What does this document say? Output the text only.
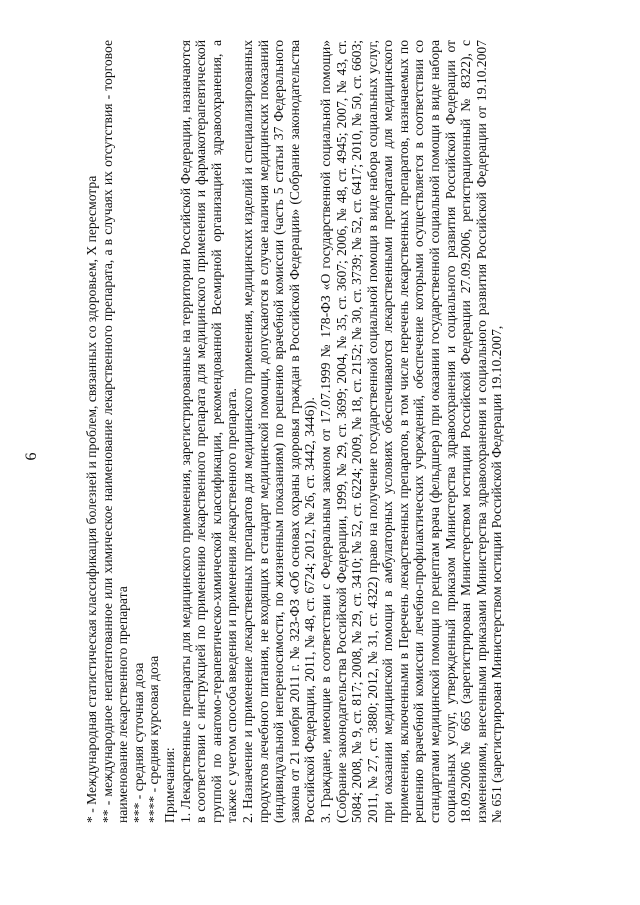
6	* - Международная статистическая классификация болезней и проблем, связанных со здоровьем, X пересмотра ** - международное непатентованное или химическое наименование лекарственного препарата, а в случаях их отсутствия - торговое наименование лекарственного препарата *** - средняя суточная доза **** - средняя курсовая доза Примечания: 1. Лекарственные препараты для медицинского применения, зарегистрированные на территории Российской Федерации, назначаются в соответствии с инструкцией по применению лекарственного препарата для медицинского применения и фармакотерапевтической группой по анатомо-терапевтическо-химической классификации, рекомендованной Всемирной организацией здравоохранения, а также с учетом способа введения и применения лекарственного препарата. 2. Назначение и применение лекарственных препаратов для медицинского применения, медицинских изделий и специализированных продуктов лечебного питания, не входящих в стандарт медицинской помощи, допускаются в случае наличия медицинских показаний (индивидуальной непереносимости, по жизненным показаниям) по решению врачебной комиссии (часть 5 статьи 37 Федерального закона от 21 ноября 2011 г. № 323-ФЗ «Об основах охраны здоровья граждан в Российской Федерации» (Собрание законодательства Российской Федерации, 2011, № 48, ст. 6724; 2012, № 26, ст. 3442, 3446)). 3. Граждане, имеющие в соответствии с Федеральным законом от 17.07.1999 № 178-ФЗ «О государственной социальной помощи» (Собрание законодательства Российской Федерации, 1999, № 29, ст. 3699; 2004, № 35, ст. 3607; 2006, № 48, ст. 4945; 2007, № 43, ст. 5084; 2008, № 9, ст. 817; 2008, № 29, ст. 3410; № 52, ст. 6224; 2009, № 18, ст. 2152; № 30, ст. 3739; № 52, ст. 6417; 2010, № 50, ст. 6603; 2011, № 27, ст. 3880; 2012, № 31, ст. 4322) право на получение государственной социальной помощи в виде набора социальных услуг, при оказании медицинской помощи в амбулаторных условиях обеспечиваются лекарственными препаратами для медицинского применения, включенными в Перечень лекарственных препаратов, в том числе перечень лекарственных препаратов, назначаемых по решению врачебной комиссии лечебно-профилактических учреждений, обеспечение которыми осуществляется в соответствии со стандартами медицинской помощи по рецептам врача (фельдшера) при оказании государственной социальной помощи в виде набора социальных услуг, утвержденный приказом Министерства здравоохранения и социального развития Российской Федерации от 18.09.2006 № 665 (зарегистрирован Министерством юстиции Российской Федерации 27.09.2006, регистрационный № 8322), с изменениями, внесенными приказами Министерства здравоохранения и социального развития Российской Федерации от 19.10.2007 № 651 (зарегистрирован Министерством юстиции Российской Федерации 19.10.2007,
